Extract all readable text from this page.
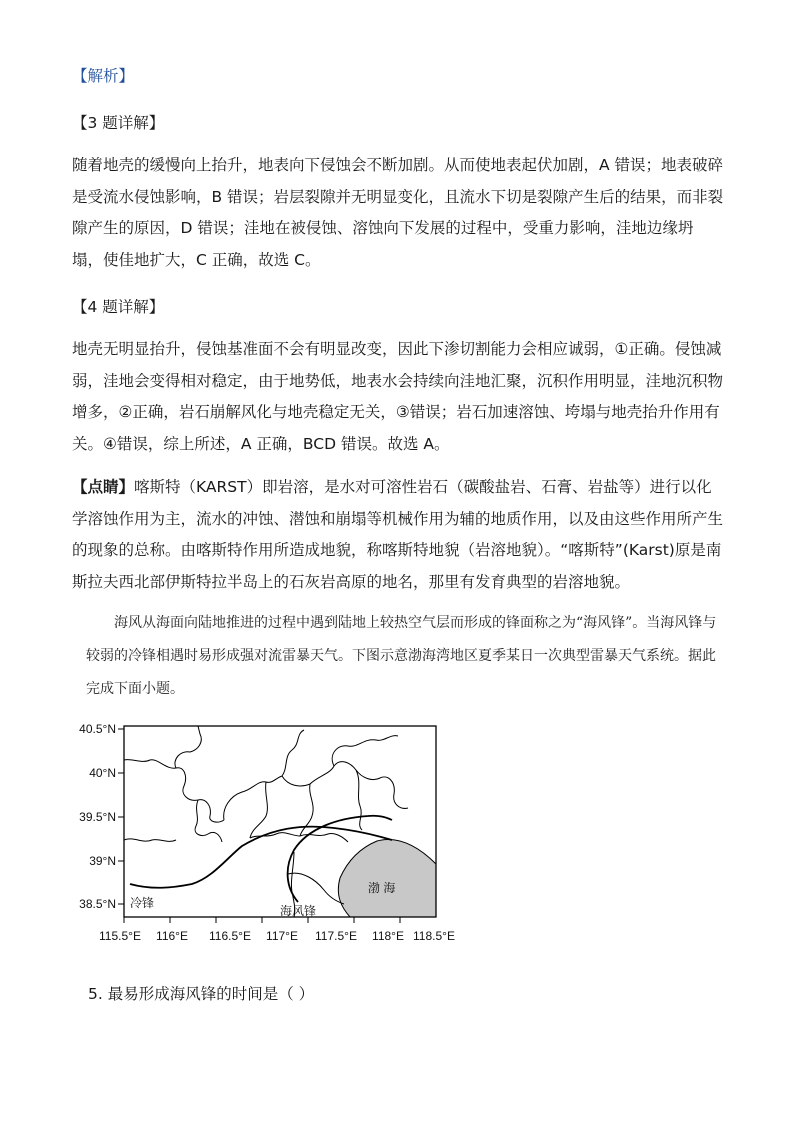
【解析】

【3 题详解】

随着地壳的缓慢向上抬升，地表向下侵蚀会不断加剧。从而使地表起伏加剧，A 错误；地表破碎是受流水侵蚀影响，B 错误；岩层裂隙并无明显变化，且流水下切是裂隙产生后的结果，而非裂隙产生的原因，D 错误；洼地在被侵蚀、溶蚀向下发展的过程中，受重力影响，洼地边缘坍塌，使佳地扩大，C 正确，故选 C。

【4 题详解】

地壳无明显抬升，侵蚀基准面不会有明显改变，因此下渗切割能力会相应诚弱，①正确。侵蚀减弱，洼地会变得相对稳定，由于地势低，地表水会持续向洼地汇聚，沉积作用明显，洼地沉积物增多，②正确，岩石崩解风化与地壳稳定无关，③错误；岩石加速溶蚀、垮塌与地壳抬升作用有关。④错误，综上所述，A 正确，BCD 错误。故选 A。

【点睛】喀斯特（KARST）即岩溶，是水对可溶性岩石（碳酸盐岩、石膏、岩盐等）进行以化学溶蚀作用为主，流水的冲蚀、潜蚀和崩塌等机械作用为辅的地质作用，以及由这些作用所产生的现象的总称。由喀斯特作用所造成地貌，称喀斯特地貌（岩溶地貌）。“喀斯特”(Karst)原是南斯拉夫西北部伊斯特拉半岛上的石灰岩高原的地名，那里有发育典型的岩溶地貌。

海风从海面向陆地推进的过程中遇到陆地上较热空气层而形成的锋面称之为“海风锋”。当海风锋与较弱的冷锋相遇时易形成强对流雷暴天气。下图示意渤海湾地区夏季某日一次典型雷暴天气系统。据此完成下面小题。

40.5°N
40°N
39.5°N
39°N
38.5°N
115.5°E 116°E 116.5°E 117°E 117.5°E 118°E 118.5°E
冷锋
海风锋
渤 海

5. 最易形成海风锋的时间是（ ）
